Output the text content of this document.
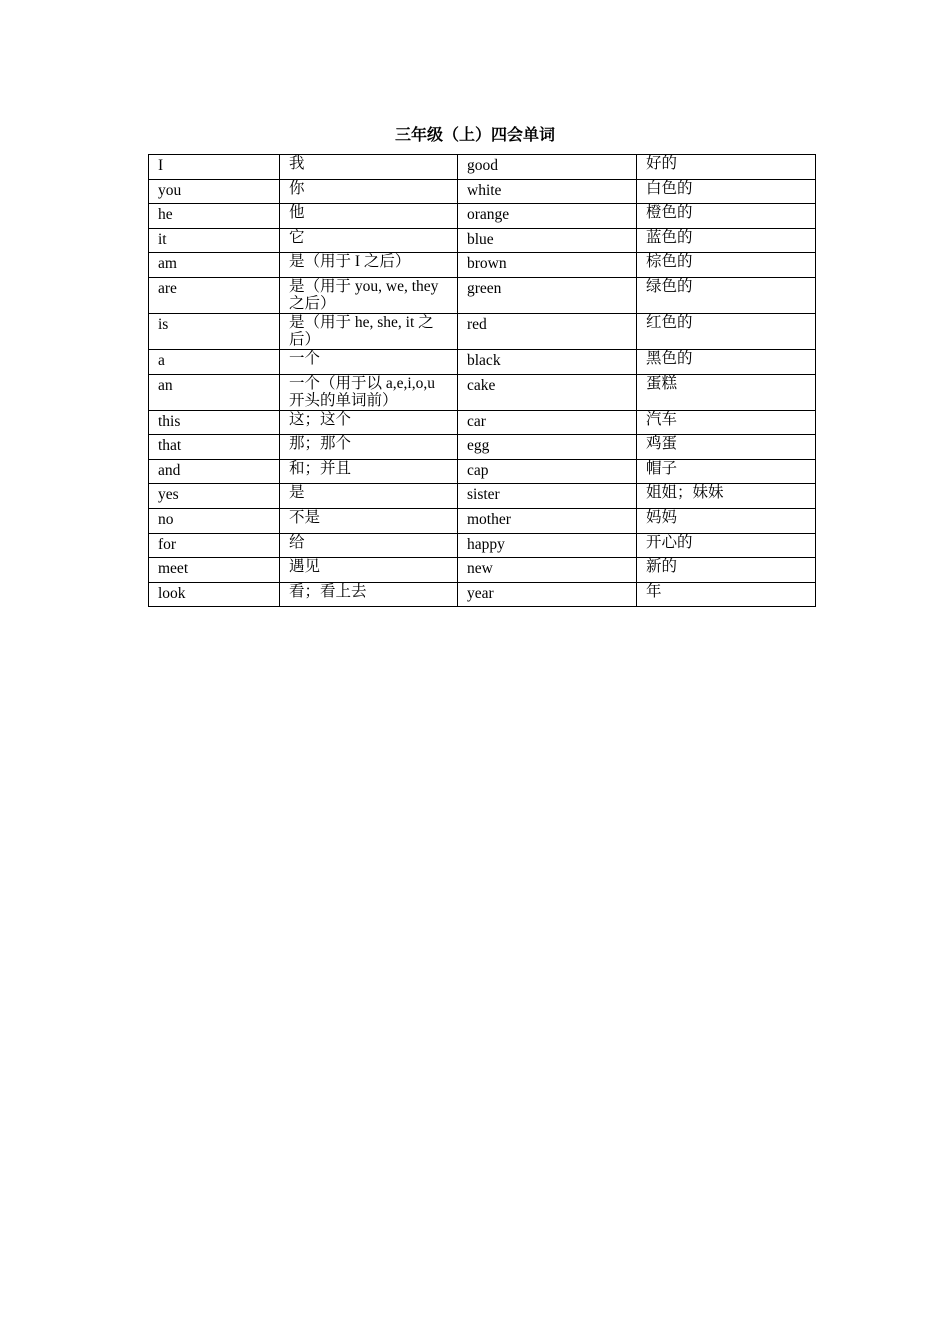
三年级（上）四会单词
I	我	good	好的
you	你	white	白色的
he	他	orange	橙色的
it	它	blue	蓝色的
am	是（用于 I 之后）	brown	棕色的
are	是（用于 you, we, they 之后）	green	绿色的
is	是（用于 he, she, it 之后）	red	红色的
a	一个	black	黑色的
an	一个（用于以 a,e,i,o,u 开头的单词前）	cake	蛋糕
this	这；这个	car	汽车
that	那；那个	egg	鸡蛋
and	和；并且	cap	帽子
yes	是	sister	姐姐；妹妹
no	不是	mother	妈妈
for	给	happy	开心的
meet	遇见	new	新的
look	看；看上去	year	年
